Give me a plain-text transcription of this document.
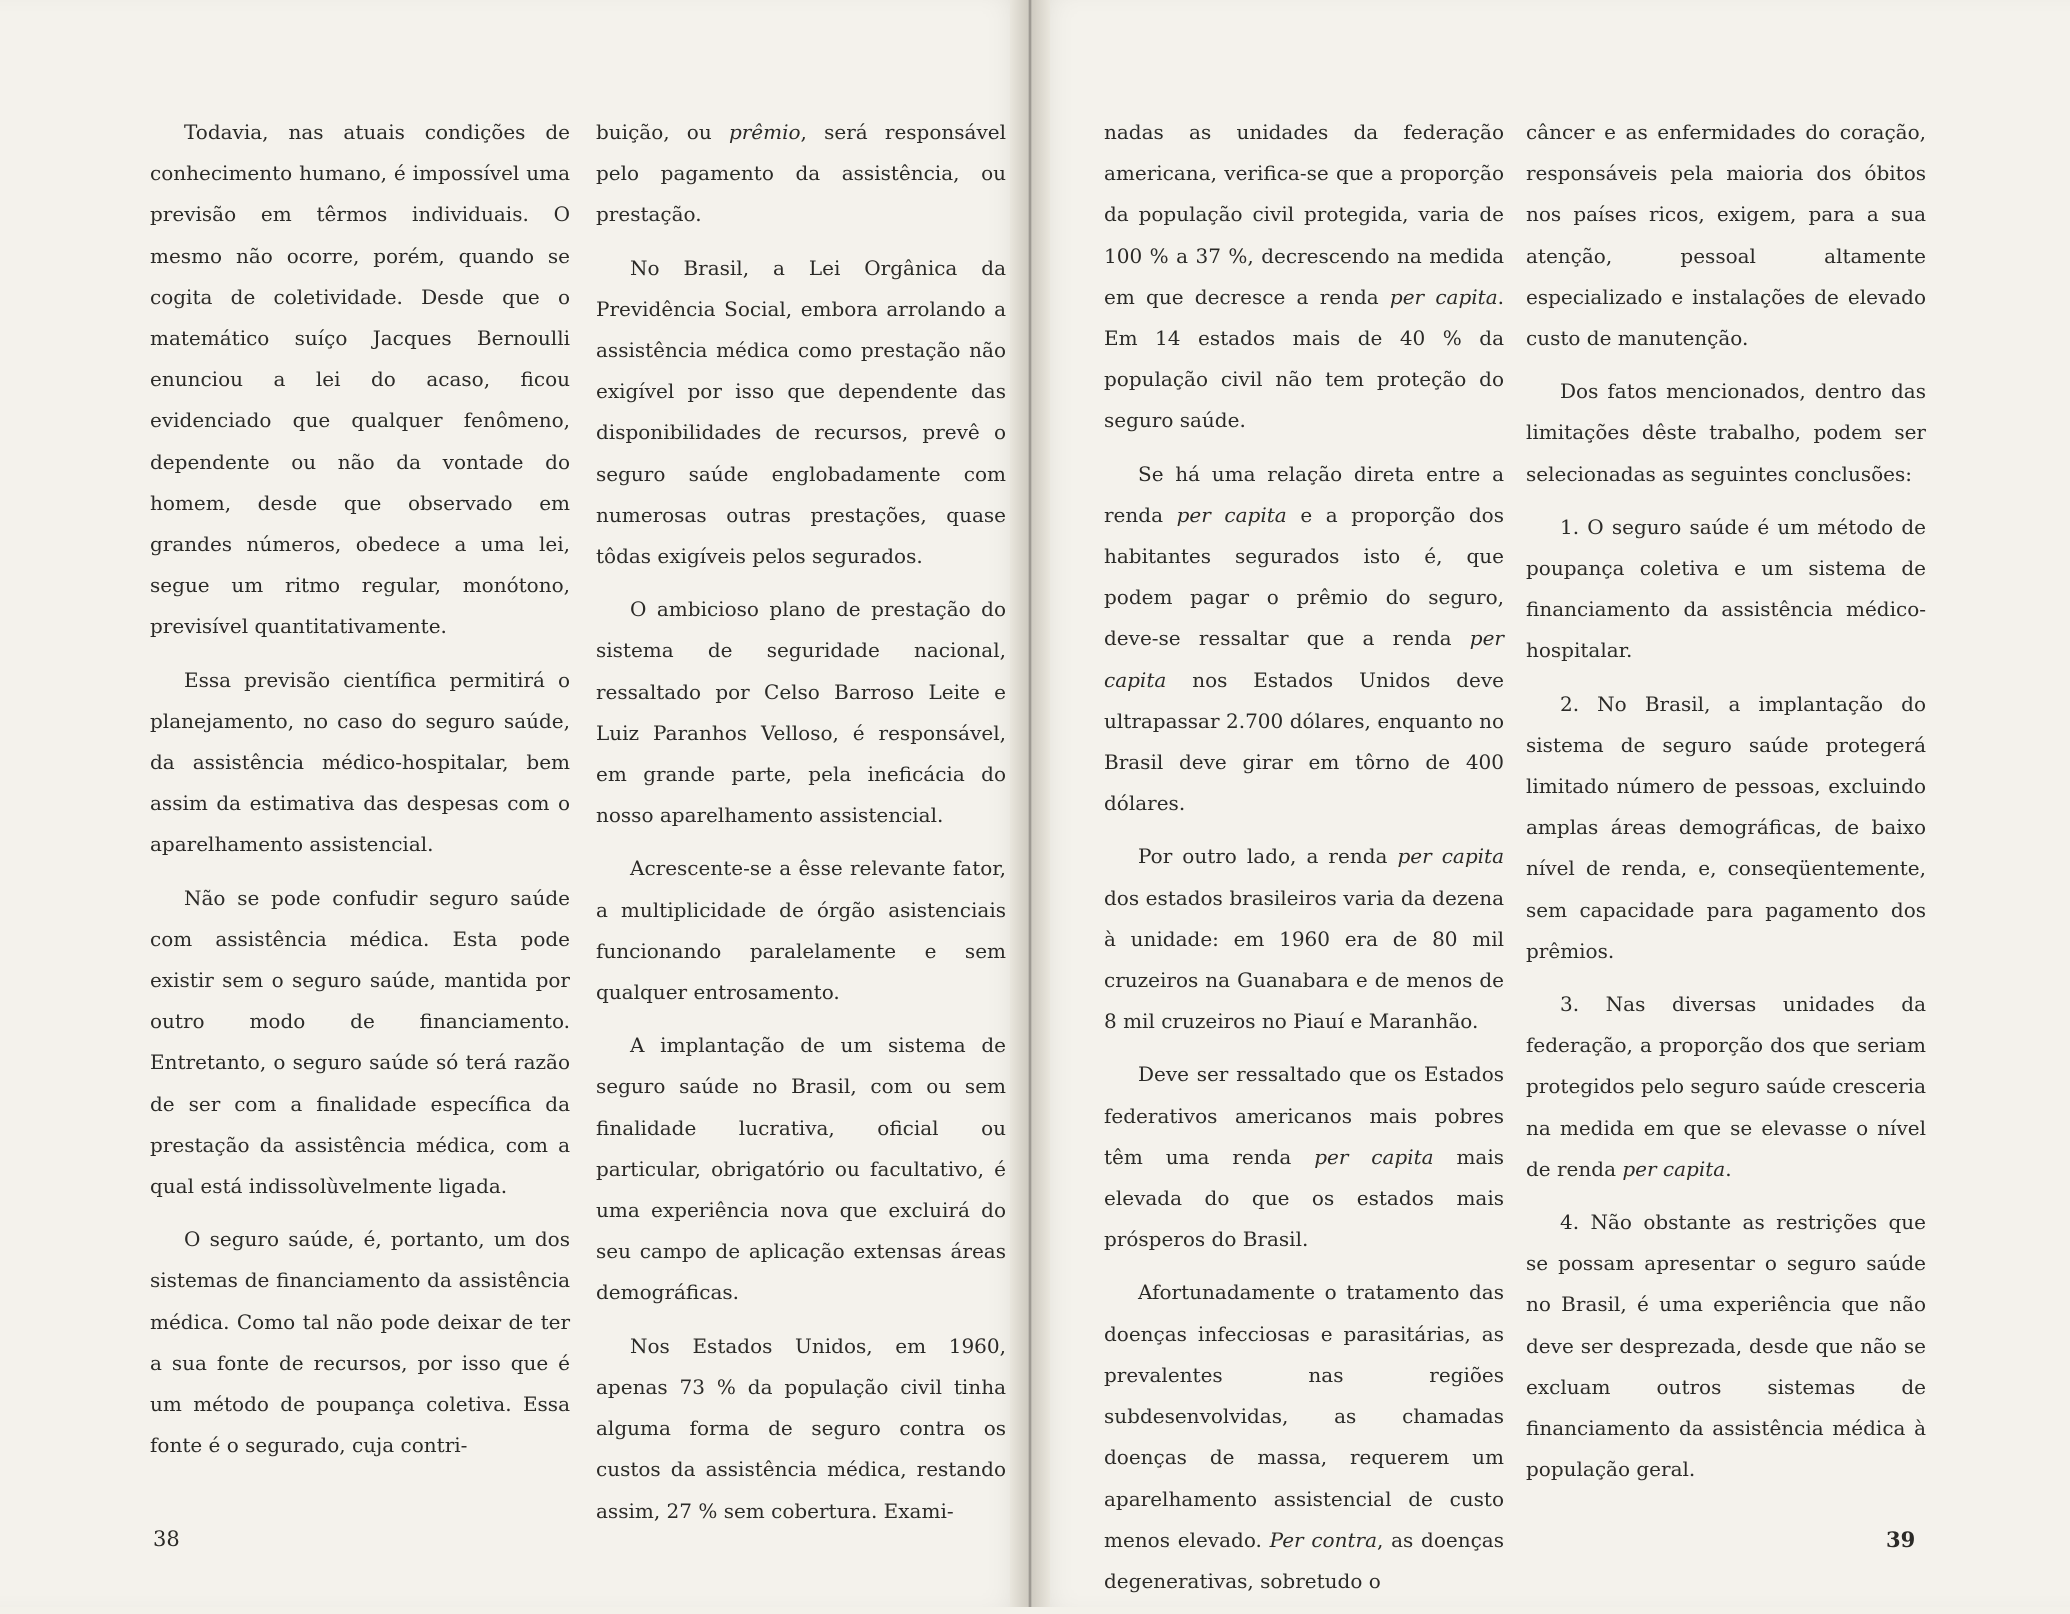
Todavia, nas atuais condições de conhecimento humano, é impossível uma previsão em têrmos individuais. O mesmo não ocorre, porém, quando se cogita de coletividade. Desde que o matemático suíço Jacques Bernoulli enunciou a lei do acaso, ficou evidenciado que qualquer fenômeno, dependente ou não da vontade do homem, desde que observado em grandes números, obedece a uma lei, segue um ritmo regular, monótono, previsível quantitativamente.

Essa previsão científica permitirá o planejamento, no caso do seguro saúde, da assistência médico-hospitalar, bem assim da estimativa das despesas com o aparelhamento assistencial.

Não se pode confudir seguro saúde com assistência médica. Esta pode existir sem o seguro saúde, mantida por outro modo de financiamento. Entretanto, o seguro saúde só terá razão de ser com a finalidade específica da prestação da assistência médica, com a qual está indissolùvelmente ligada.

O seguro saúde, é, portanto, um dos sistemas de financiamento da assistência médica. Como tal não pode deixar de ter a sua fonte de recursos, por isso que é um método de poupança coletiva. Essa fonte é o segurado, cuja contri-

buição, ou prêmio, será responsável pelo pagamento da assistência, ou prestação.

No Brasil, a Lei Orgânica da Previdência Social, embora arrolando a assistência médica como prestação não exigível por isso que dependente das disponibilidades de recursos, prevê o seguro saúde englobadamente com numerosas outras prestações, quase tôdas exigíveis pelos segurados.

O ambicioso plano de prestação do sistema de seguridade nacional, ressaltado por Celso Barroso Leite e Luiz Paranhos Velloso, é responsável, em grande parte, pela ineficácia do nosso aparelhamento assistencial.

Acrescente-se a êsse relevante fator, a multiplicidade de órgão asistenciais funcionando paralelamente e sem qualquer entrosamento.

A implantação de um sistema de seguro saúde no Brasil, com ou sem finalidade lucrativa, oficial ou particular, obrigatório ou facultativo, é uma experiência nova que excluirá do seu campo de aplicação extensas áreas demográficas.

Nos Estados Unidos, em 1960, apenas 73 % da população civil tinha alguma forma de seguro contra os custos da assistência médica, restando assim, 27 % sem cobertura. Exami-

nadas as unidades da federação americana, verifica-se que a proporção da população civil protegida, varia de 100 % a 37 %, decrescendo na medida em que decresce a renda per capita. Em 14 estados mais de 40 % da população civil não tem proteção do seguro saúde.

Se há uma relação direta entre a renda per capita e a proporção dos habitantes segurados isto é, que podem pagar o prêmio do seguro, deve-se ressaltar que a renda per capita nos Estados Unidos deve ultrapassar 2.700 dólares, enquanto no Brasil deve girar em tôrno de 400 dólares.

Por outro lado, a renda per capita dos estados brasileiros varia da dezena à unidade: em 1960 era de 80 mil cruzeiros na Guanabara e de menos de 8 mil cruzeiros no Piauí e Maranhão.

Deve ser ressaltado que os Estados federativos americanos mais pobres têm uma renda per capita mais elevada do que os estados mais prósperos do Brasil.

Afortunadamente o tratamento das doenças infecciosas e parasitárias, as prevalentes nas regiões subdesenvolvidas, as chamadas doenças de massa, requerem um aparelhamento assistencial de custo menos elevado. Per contra, as doenças degenerativas, sobretudo o

câncer e as enfermidades do coração, responsáveis pela maioria dos óbitos nos países ricos, exigem, para a sua atenção, pessoal altamente especializado e instalações de elevado custo de manutenção.

Dos fatos mencionados, dentro das limitações dêste trabalho, podem ser selecionadas as seguintes conclusões:

1. O seguro saúde é um método de poupança coletiva e um sistema de financiamento da assistência médico-hospitalar.

2. No Brasil, a implantação do sistema de seguro saúde protegerá limitado número de pessoas, excluindo amplas áreas demográficas, de baixo nível de renda, e, conseqüentemente, sem capacidade para pagamento dos prêmios.

3. Nas diversas unidades da federação, a proporção dos que seriam protegidos pelo seguro saúde cresceria na medida em que se elevasse o nível de renda per capita.

4. Não obstante as restrições que se possam apresentar o seguro saúde no Brasil, é uma experiência que não deve ser desprezada, desde que não se excluam outros sistemas de financiamento da assistência médica à população geral.

38	39
